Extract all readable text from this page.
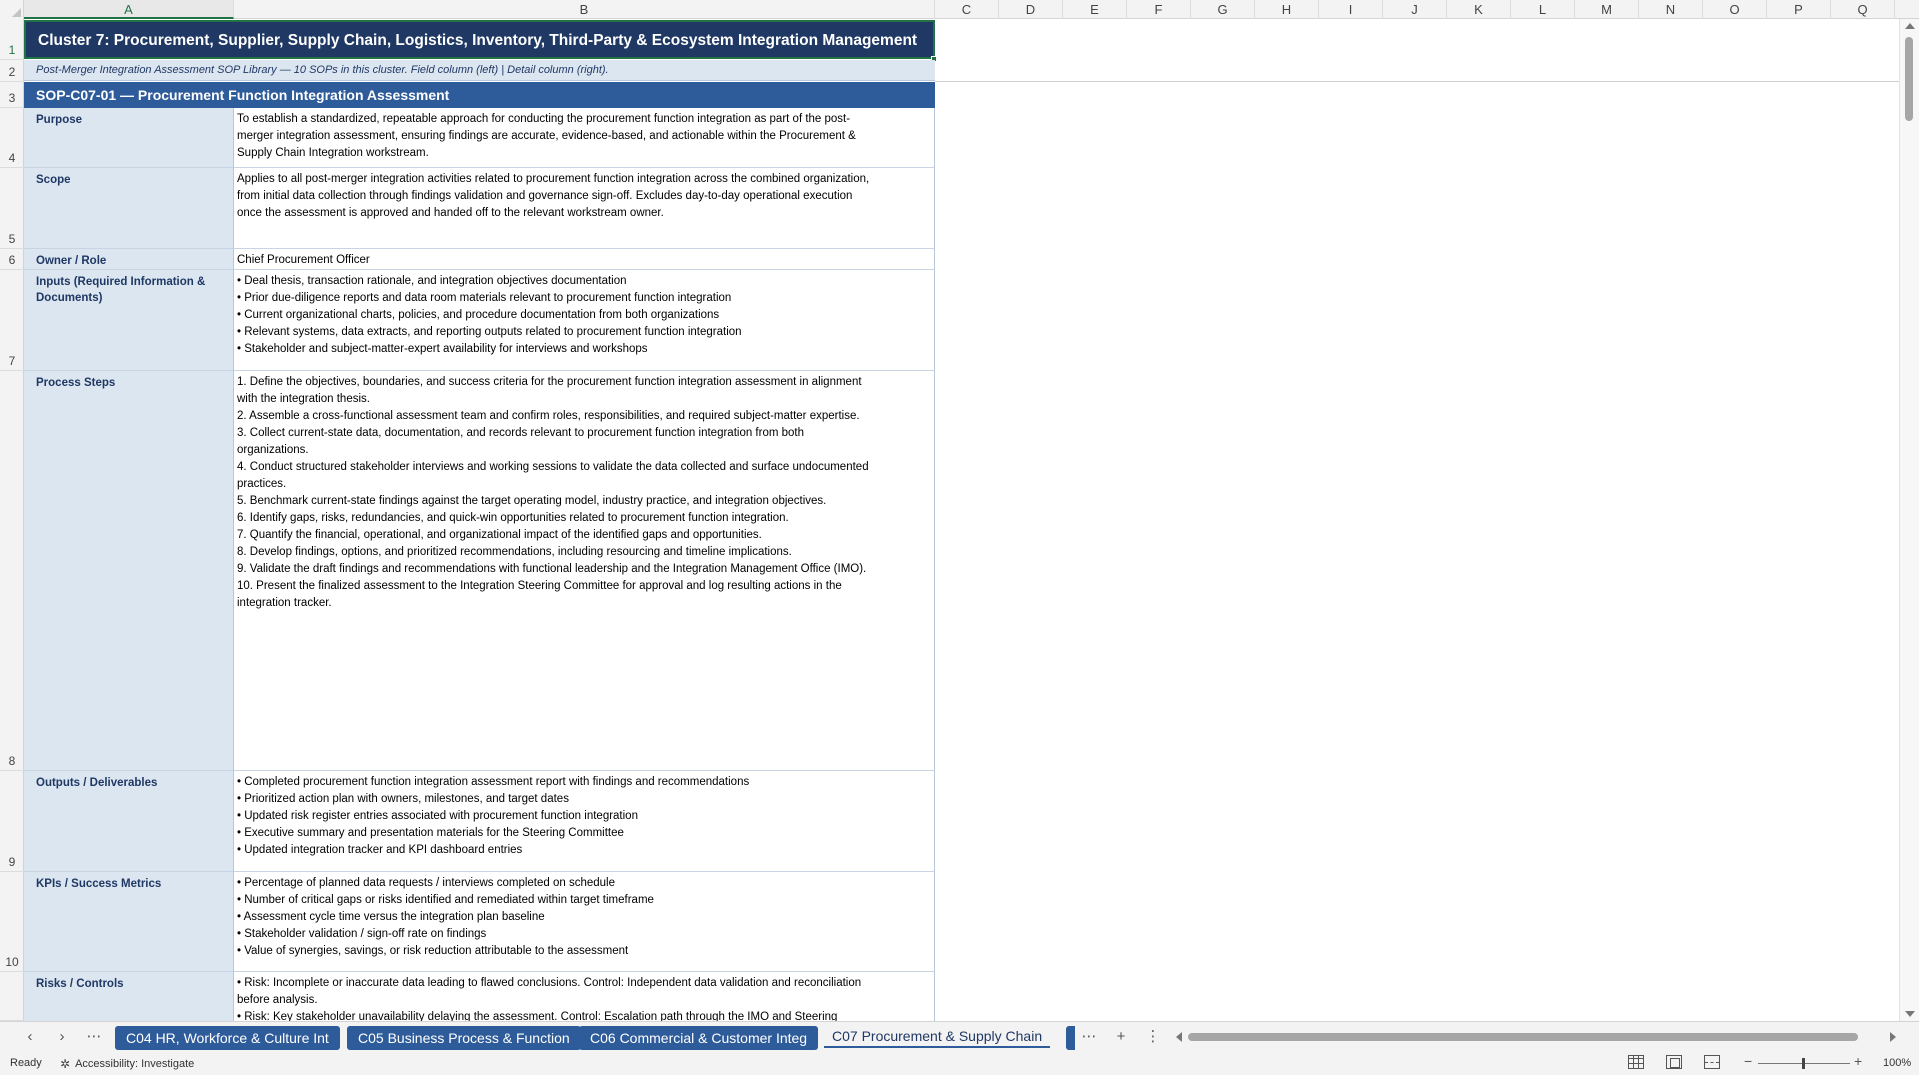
A	B	C	D	E	F	G	H	I	J	K	L	M	N	O	P	Q
1
2
3
4
5
6
7
8
9
10
Cluster 7: Procurement, Supplier, Supply Chain, Logistics, Inventory, Third-Party & Ecosystem Integration Management
Post-Merger Integration Assessment SOP Library — 10 SOPs in this cluster. Field column (left) | Detail column (right).
SOP-C07-01 — Procurement Function Integration Assessment
Purpose	To establish a standardized, repeatable approach for conducting the procurement function integration as part of the post-
merger integration assessment, ensuring findings are accurate, evidence-based, and actionable within the Procurement &
Supply Chain Integration workstream.
Scope	Applies to all post-merger integration activities related to procurement function integration across the combined organization,
from initial data collection through findings validation and governance sign-off. Excludes day-to-day operational execution
once the assessment is approved and handed off to the relevant workstream owner.
Owner / Role	Chief Procurement Officer
Inputs (Required Information & Documents)
• Deal thesis, transaction rationale, and integration objectives documentation
• Prior due-diligence reports and data room materials relevant to procurement function integration
• Current organizational charts, policies, and procedure documentation from both organizations
• Relevant systems, data extracts, and reporting outputs related to procurement function integration
• Stakeholder and subject-matter-expert availability for interviews and workshops
Process Steps	1. Define the objectives, boundaries, and success criteria for the procurement function integration assessment in alignment
with the integration thesis.
2. Assemble a cross-functional assessment team and confirm roles, responsibilities, and required subject-matter expertise.
3. Collect current-state data, documentation, and records relevant to procurement function integration from both
organizations.
4. Conduct structured stakeholder interviews and working sessions to validate the data collected and surface undocumented
practices.
5. Benchmark current-state findings against the target operating model, industry practice, and integration objectives.
6. Identify gaps, risks, redundancies, and quick-win opportunities related to procurement function integration.
7. Quantify the financial, operational, and organizational impact of the identified gaps and opportunities.
8. Develop findings, options, and prioritized recommendations, including resourcing and timeline implications.
9. Validate the draft findings and recommendations with functional leadership and the Integration Management Office (IMO).
10. Present the finalized assessment to the Integration Steering Committee for approval and log resulting actions in the
integration tracker.
Outputs / Deliverables	• Completed procurement function integration assessment report with findings and recommendations
• Prioritized action plan with owners, milestones, and target dates
• Updated risk register entries associated with procurement function integration
• Executive summary and presentation materials for the Steering Committee
• Updated integration tracker and KPI dashboard entries
KPIs / Success Metrics	• Percentage of planned data requests / interviews completed on schedule
• Number of critical gaps or risks identified and remediated within target timeframe
• Assessment cycle time versus the integration plan baseline
• Stakeholder validation / sign-off rate on findings
• Value of synergies, savings, or risk reduction attributable to the assessment
Risks / Controls	• Risk: Incomplete or inaccurate data leading to flawed conclusions. Control: Independent data validation and reconciliation
before analysis.
• Risk: Key stakeholder unavailability delaying the assessment. Control: Escalation path through the IMO and Steering
‹	›	⋯	C04 HR, Workforce & Culture Int	C05 Business Process & Function	C06 Commercial & Customer Integ	C07 Procurement & Supply Chain	⋯	+	⋮
Ready ✲ Accessibility: Investigate	−	+ 100%
